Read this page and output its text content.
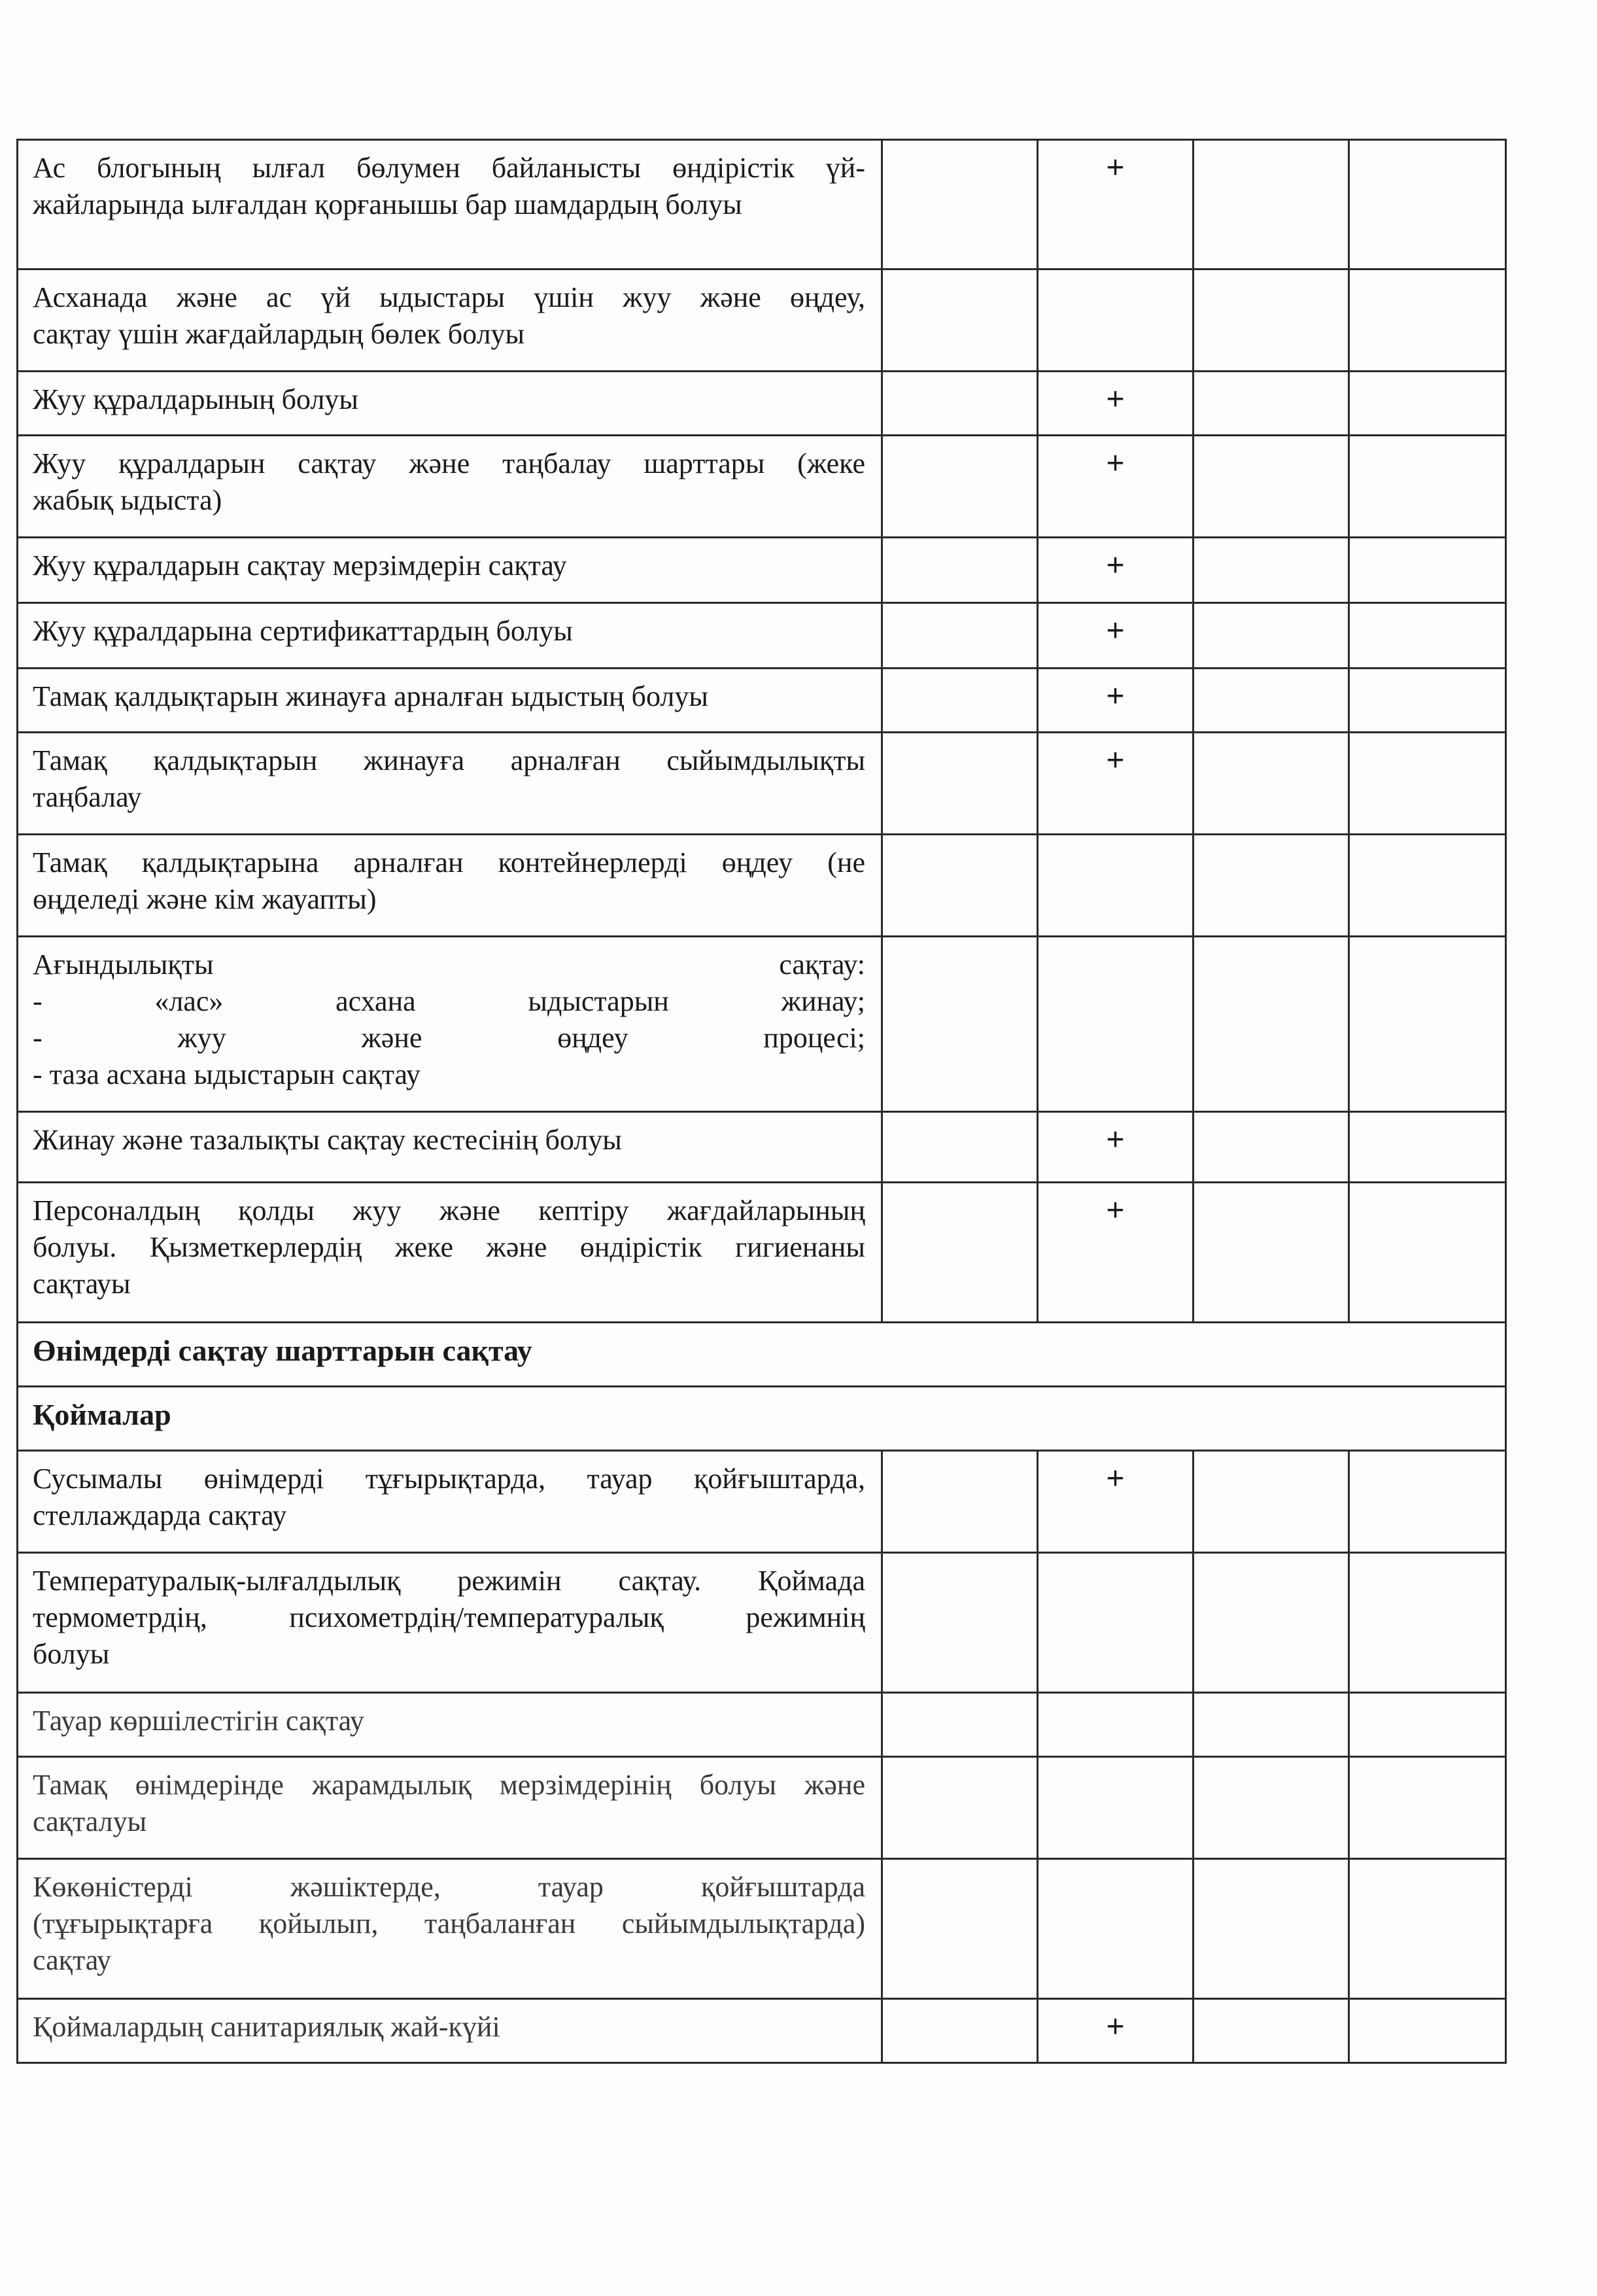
Ас блогының ылғал бөлумен байланысты өндірістік үй-
жайларында ылғалдан қорғанышы бар шамдардың болуы		+		

Асханада және ас үй ыдыстары үшін жуу және өңдеу,
сақтау үшін жағдайлардың бөлек болуы				

Жуу құралдарының болуы		+		

Жуу құралдарын сақтау және таңбалау шарттары (жеке
жабық ыдыста)		+		

Жуу құралдарын сақтау мерзімдерін сақтау		+		

Жуу құралдарына сертификаттардың болуы		+		

Тамақ қалдықтарын жинауға арналған ыдыстың болуы		+		

Тамақ қалдықтарын жинауға арналған сыйымдылықты
таңбалау		+		

Тамақ қалдықтарына арналған контейнерлерді өңдеу (не
өңделеді және кім жауапты)				

Ағындылықты сақтау:
- «лас» асхана ыдыстарын жинау;
- жуу және өңдеу процесі;
- таза асхана ыдыстарын сақтау				

Жинау және тазалықты сақтау кестесінің болуы		+		

Персоналдың қолды жуу және кептіру жағдайларының
болуы. Қызметкерлердің жеке және өндірістік гигиенаны
сақтауы		+		
Өнімдерді сақтау шарттарын сақтау				
Қоймалар				

Сусымалы өнімдерді тұғырықтарда, тауар қойғыштарда,
стеллаждарда сақтау		+		

Температуралық-ылғалдылық режимін сақтау. Қоймада
термометрдің, психометрдің/температуралық режимнің
болуы				

Тауар көршілестігін сақтау				

Тамақ өнімдерінде жарамдылық мерзімдерінің болуы және
сақталуы				

Көкөністерді жәшіктерде, тауар қойғыштарда
(тұғырықтарға қойылып, таңбаланған сыйымдылықтарда)
сақтау				

Қоймалардың санитариялық жай-күйі		+		
